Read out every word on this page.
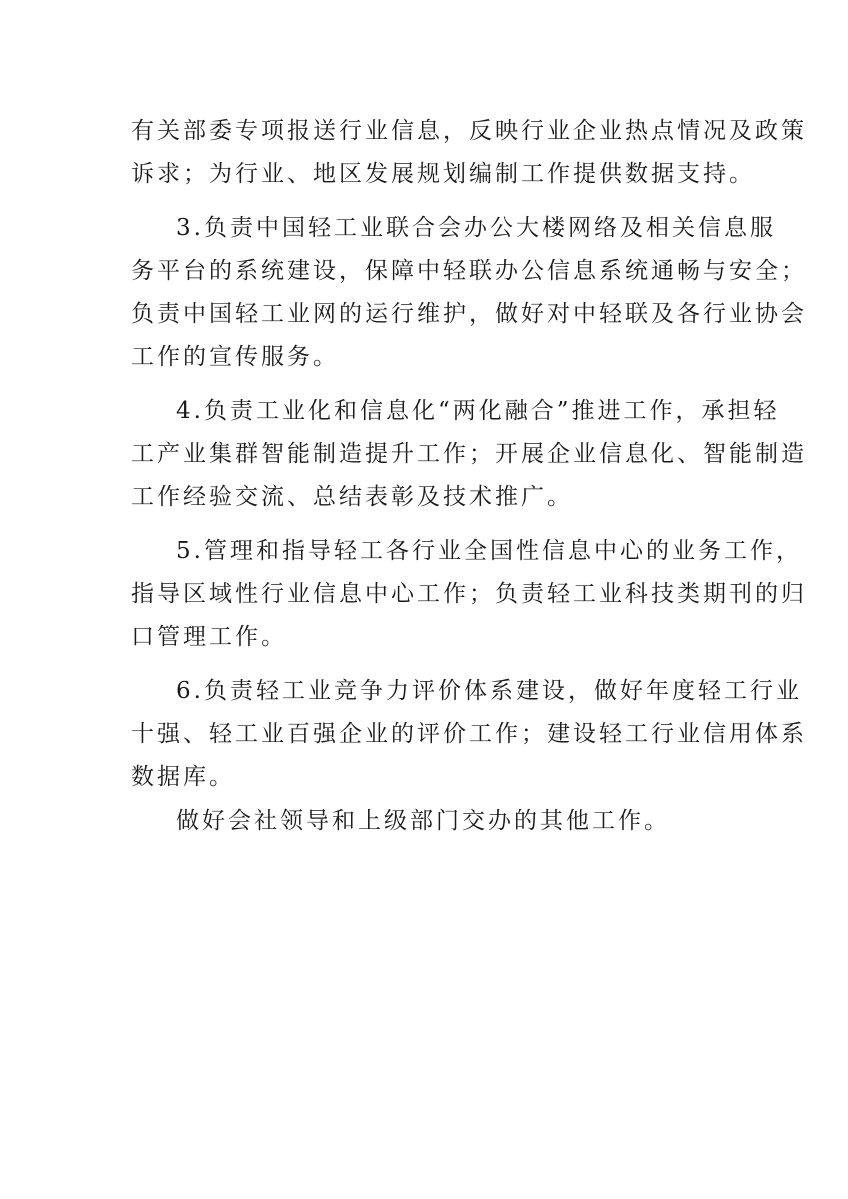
有关部委专项报送行业信息，反映行业企业热点情况及政策
诉求；为行业、地区发展规划编制工作提供数据支持。
3.负责中国轻工业联合会办公大楼网络及相关信息服
务平台的系统建设，保障中轻联办公信息系统通畅与安全；
负责中国轻工业网的运行维护，做好对中轻联及各行业协会
工作的宣传服务。
4.负责工业化和信息化“两化融合”推进工作，承担轻
工产业集群智能制造提升工作；开展企业信息化、智能制造
工作经验交流、总结表彰及技术推广。
5.管理和指导轻工各行业全国性信息中心的业务工作，
指导区域性行业信息中心工作；负责轻工业科技类期刊的归
口管理工作。
6.负责轻工业竞争力评价体系建设，做好年度轻工行业
十强、轻工业百强企业的评价工作；建设轻工行业信用体系
数据库。
做好会社领导和上级部门交办的其他工作。
